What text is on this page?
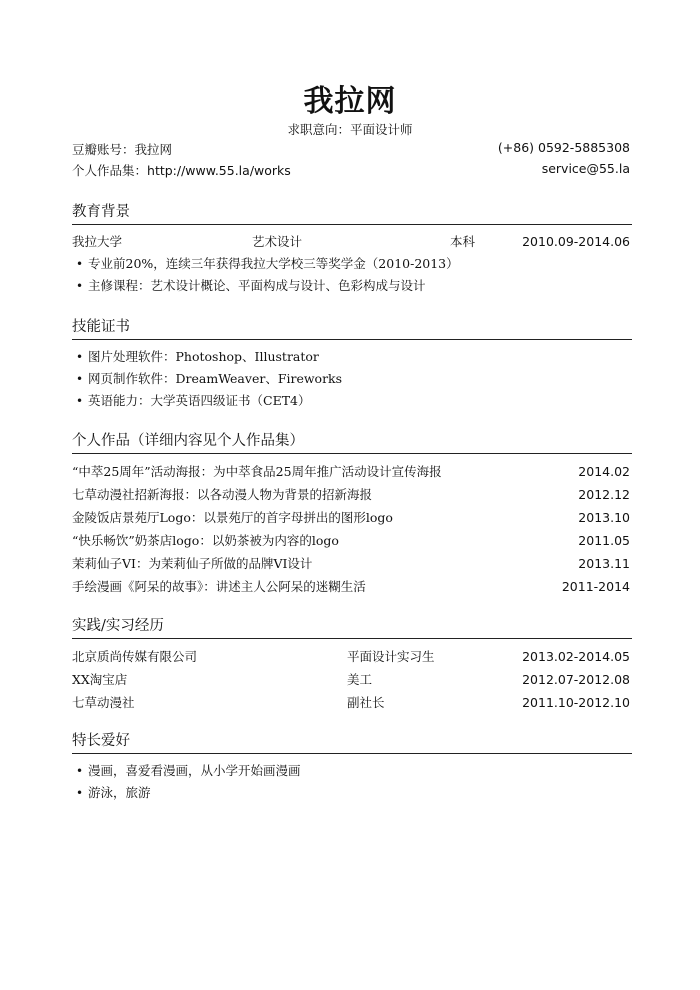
我拉网
求职意向：平面设计师
豆瓣账号：我拉网	(+86) 0592-5885308
个人作品集：http://www.55.la/works	service@55.la
教育背景
我拉大学	艺术设计	本科	2010.09-2014.06
• 专业前20%，连续三年获得我拉大学校三等奖学金（2010-2013）
• 主修课程：艺术设计概论、平面构成与设计、色彩构成与设计
技能证书
• 图片处理软件：Photoshop、Illustrator
• 网页制作软件：DreamWeaver、Fireworks
• 英语能力：大学英语四级证书（CET4）
个人作品（详细内容见个人作品集）
“中萃25周年”活动海报：为中萃食品25周年推广活动设计宣传海报	2014.02
七草动漫社招新海报：以各动漫人物为背景的招新海报	2012.12
金陵饭店景苑厅Logo：以景苑厅的首字母拼出的图形logo	2013.10
“快乐畅饮”奶茶店logo：以奶茶被为内容的logo	2011.05
茉莉仙子VI：为茉莉仙子所做的品牌VI设计	2013.11
手绘漫画《阿呆的故事》：讲述主人公阿呆的迷糊生活	2011-2014
实践/实习经历
北京质尚传媒有限公司	平面设计实习生	2013.02-2014.05
XX淘宝店	美工	2012.07-2012.08
七草动漫社	副社长	2011.10-2012.10
特长爱好
• 漫画，喜爱看漫画，从小学开始画漫画
• 游泳，旅游
